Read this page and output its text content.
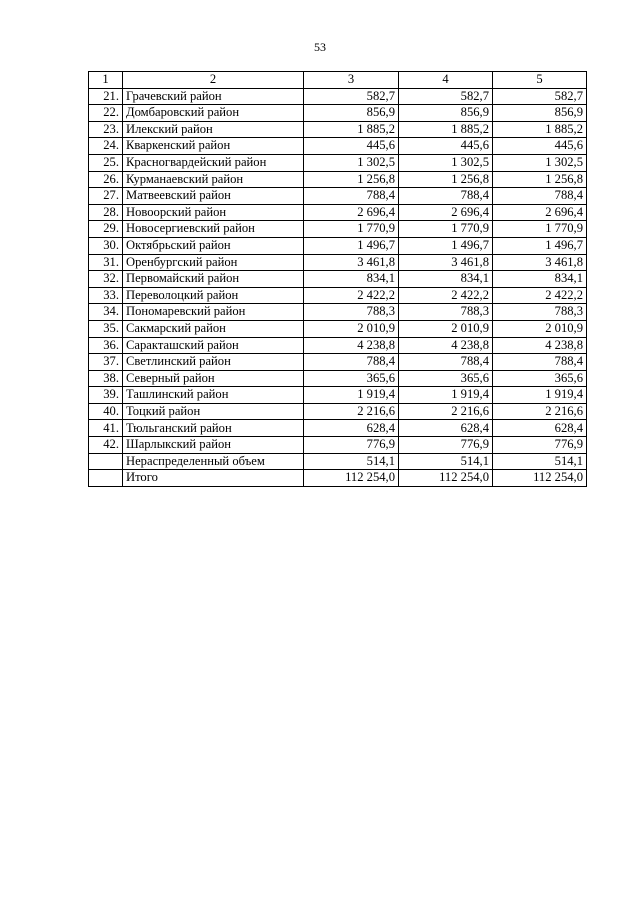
53
1	2	3	4	5
21.	Грачевский район	582,7	582,7	582,7
22.	Домбаровский район	856,9	856,9	856,9
23.	Илекский район	1 885,2	1 885,2	1 885,2
24.	Кваркенский район	445,6	445,6	445,6
25.	Красногвардейский район	1 302,5	1 302,5	1 302,5
26.	Курманаевский район	1 256,8	1 256,8	1 256,8
27.	Матвеевский район	788,4	788,4	788,4
28.	Новоорский район	2 696,4	2 696,4	2 696,4
29.	Новосергиевский район	1 770,9	1 770,9	1 770,9
30.	Октябрьский район	1 496,7	1 496,7	1 496,7
31.	Оренбургский район	3 461,8	3 461,8	3 461,8
32.	Первомайский район	834,1	834,1	834,1
33.	Переволоцкий район	2 422,2	2 422,2	2 422,2
34.	Пономаревский район	788,3	788,3	788,3
35.	Сакмарский район	2 010,9	2 010,9	2 010,9
36.	Саракташский район	4 238,8	4 238,8	4 238,8
37.	Светлинский район	788,4	788,4	788,4
38.	Северный район	365,6	365,6	365,6
39.	Ташлинский район	1 919,4	1 919,4	1 919,4
40.	Тоцкий район	2 216,6	2 216,6	2 216,6
41.	Тюльганский район	628,4	628,4	628,4
42.	Шарлыкский район	776,9	776,9	776,9
	Нераспределенный объем	514,1	514,1	514,1
	Итого	112 254,0	112 254,0	112 254,0
